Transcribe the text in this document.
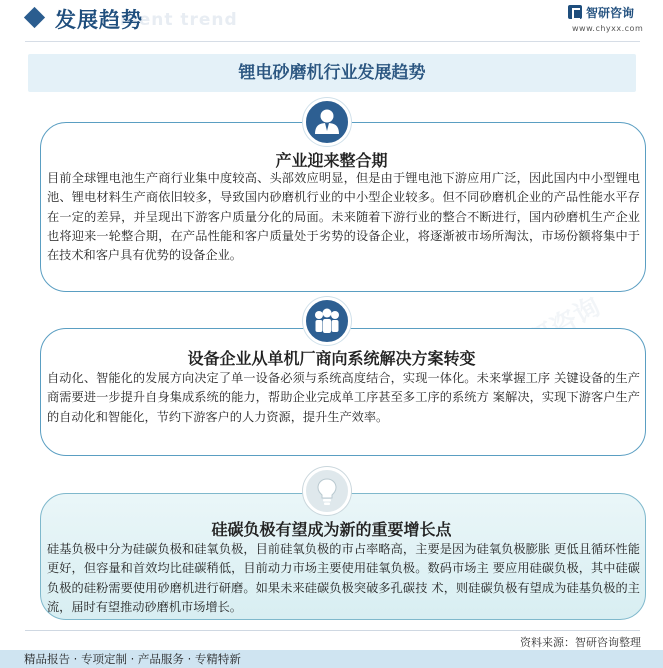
ment trend
发展趋势	智研咨询
www.chyxx.com
锂电砂磨机行业发展趋势
产业迎来整合期
目前全球锂电池生产商行业集中度较高、头部效应明显，但是由于锂电池下游应用广泛，因此国内中小型锂电池、锂电材料生产商依旧较多，导致国内砂磨机行业的中小型企业较多。但不同砂磨机企业的产品性能水平存在一定的差异，并呈现出下游客户质量分化的局面。未来随着下游行业的整合不断进行，国内砂磨机生产企业也将迎来一轮整合期，在产品性能和客户质量处于劣势的设备企业，将逐渐被市场所淘汰，市场份额将集中于在技术和客户具有优势的设备企业。
设备企业从单机厂商向系统解决方案转变
自动化、智能化的发展方向决定了单一设备必须与系统高度结合，实现一体化。未来掌握工序 关键设备的生产商需要进一步提升自身集成系统的能力，帮助企业完成单工序甚至多工序的系统方 案解决，实现下游客户生产的自动化和智能化，节约下游客户的人力资源，提升生产效率。
硅碳负极有望成为新的重要增长点
硅基负极中分为硅碳负极和硅氧负极，目前硅氧负极的市占率略高，主要是因为硅氧负极膨胀 更低且循环性能更好，但容量和首效均比硅碳稍低，目前动力市场主要使用硅氧负极。数码市场主 要应用硅碳负极，其中硅碳负极的硅粉需要使用砂磨机进行研磨。如果未来硅碳负极突破多孔碳技 术，则硅碳负极有望成为硅基负极的主流，届时有望推动砂磨机市场增长。
资料来源：智研咨询整理
精品报告 · 专项定制 · 产品服务 · 专精特新
